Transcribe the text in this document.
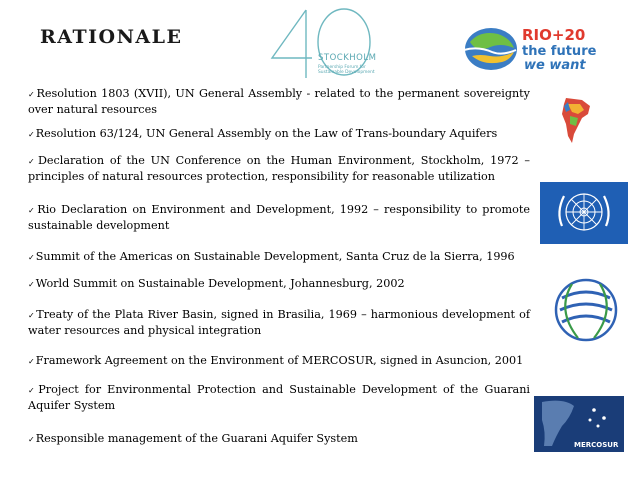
RATIONALE
STOCKHOLM
Partnership Forum for
Sustainable Development
RIO+20
the future
we want
MERCOSUR
✓Resolution 1803 (XVII), UN General Assembly - related to the permanent sovereignty over natural resources
✓Resolution 63/124, UN General Assembly on the Law of Trans-boundary Aquifers
✓Declaration of the UN Conference on the Human Environment, Stockholm, 1972 – principles of natural resources protection, responsibility for reasonable utilization
✓Rio Declaration on Environment and Development, 1992 – responsibility to promote sustainable development
✓Summit of the Americas on Sustainable Development, Santa Cruz de la Sierra, 1996
✓World Summit on Sustainable Development, Johannesburg, 2002
✓Treaty of the Plata River Basin, signed in Brasilia, 1969 – harmonious development of water resources and physical integration
✓Framework Agreement on the Environment of MERCOSUR, signed in Asuncion, 2001
✓Project for Environmental Protection and Sustainable Development of the Guarani Aquifer System
✓Responsible management of the Guarani Aquifer System
